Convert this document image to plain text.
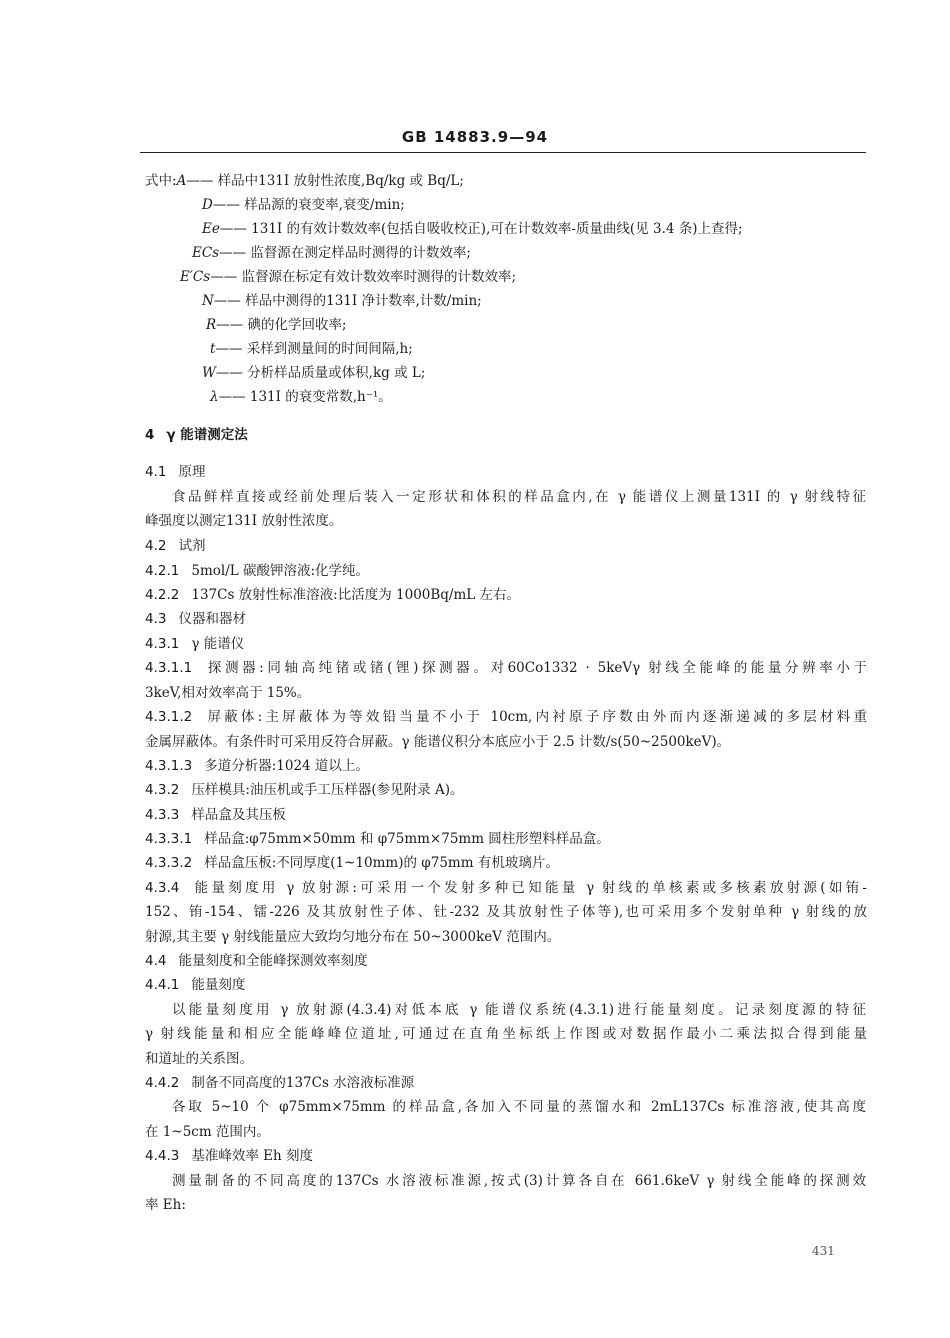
GB 14883.9—94
式中:A—— 样品中131I 放射性浓度,Bq/kg 或 Bq/L;
D—— 样品源的衰变率,衰变/min;
Ee—— 131I 的有效计数效率(包括自吸收校正),可在计数效率-质量曲线(见 3.4 条)上查得;
ECs—— 监督源在测定样品时测得的计数效率;
E′Cs—— 监督源在标定有效计数效率时测得的计数效率;
N—— 样品中测得的131I 净计数率,计数/min;
R—— 碘的化学回收率;
t—— 采样到测量间的时间间隔,h;
W—— 分析样品质量或体积,kg 或 L;
λ—— 131I 的衰变常数,h⁻¹。
4 γ 能谱测定法
4.1 原理
食品鲜样直接或经前处理后装入一定形状和体积的样品盒内,在 γ 能谱仪上测量131I 的 γ 射线特征
峰强度以测定131I 放射性浓度。
4.2 试剂
4.2.1 5mol/L 碳酸钾溶液:化学纯。
4.2.2 137Cs 放射性标准溶液:比活度为 1000Bq/mL 左右。
4.3 仪器和器材
4.3.1 γ 能谱仪
4.3.1.1 探测器:同轴高纯锗或锗(锂)探测器。对60Co1332 · 5keVγ 射线全能峰的能量分辨率小于
3keV,相对效率高于 15%。
4.3.1.2 屏蔽体:主屏蔽体为等效铅当量不小于 10cm,内衬原子序数由外而内逐渐递减的多层材料重
金属屏蔽体。有条件时可采用反符合屏蔽。γ 能谱仪积分本底应小于 2.5 计数/s(50~2500keV)。
4.3.1.3 多道分析器:1024 道以上。
4.3.2 压样模具:油压机或手工压样器(参见附录 A)。
4.3.3 样品盒及其压板
4.3.3.1 样品盒:φ75mm×50mm 和 φ75mm×75mm 圆柱形塑料样品盒。
4.3.3.2 样品盒压板:不同厚度(1~10mm)的 φ75mm 有机玻璃片。
4.3.4 能量刻度用 γ 放射源:可采用一个发射多种已知能量 γ 射线的单核素或多核素放射源(如铕-
152、铕-154、镭-226 及其放射性子体、钍-232 及其放射性子体等),也可采用多个发射单种 γ 射线的放
射源,其主要 γ 射线能量应大致均匀地分布在 50~3000keV 范围内。
4.4 能量刻度和全能峰探测效率刻度
4.4.1 能量刻度
以能量刻度用 γ 放射源(4.3.4)对低本底 γ 能谱仪系统(4.3.1)进行能量刻度。记录刻度源的特征
γ 射线能量和相应全能峰峰位道址,可通过在直角坐标纸上作图或对数据作最小二乘法拟合得到能量
和道址的关系图。
4.4.2 制备不同高度的137Cs 水溶液标准源
各取 5~10 个 φ75mm×75mm 的样品盒,各加入不同量的蒸馏水和 2mL137Cs 标准溶液,使其高度
在 1~5cm 范围内。
4.4.3 基准峰效率 Eh 刻度
测量制备的不同高度的137Cs 水溶液标准源,按式(3)计算各自在 661.6keV γ 射线全能峰的探测效
率 Eh:
431
